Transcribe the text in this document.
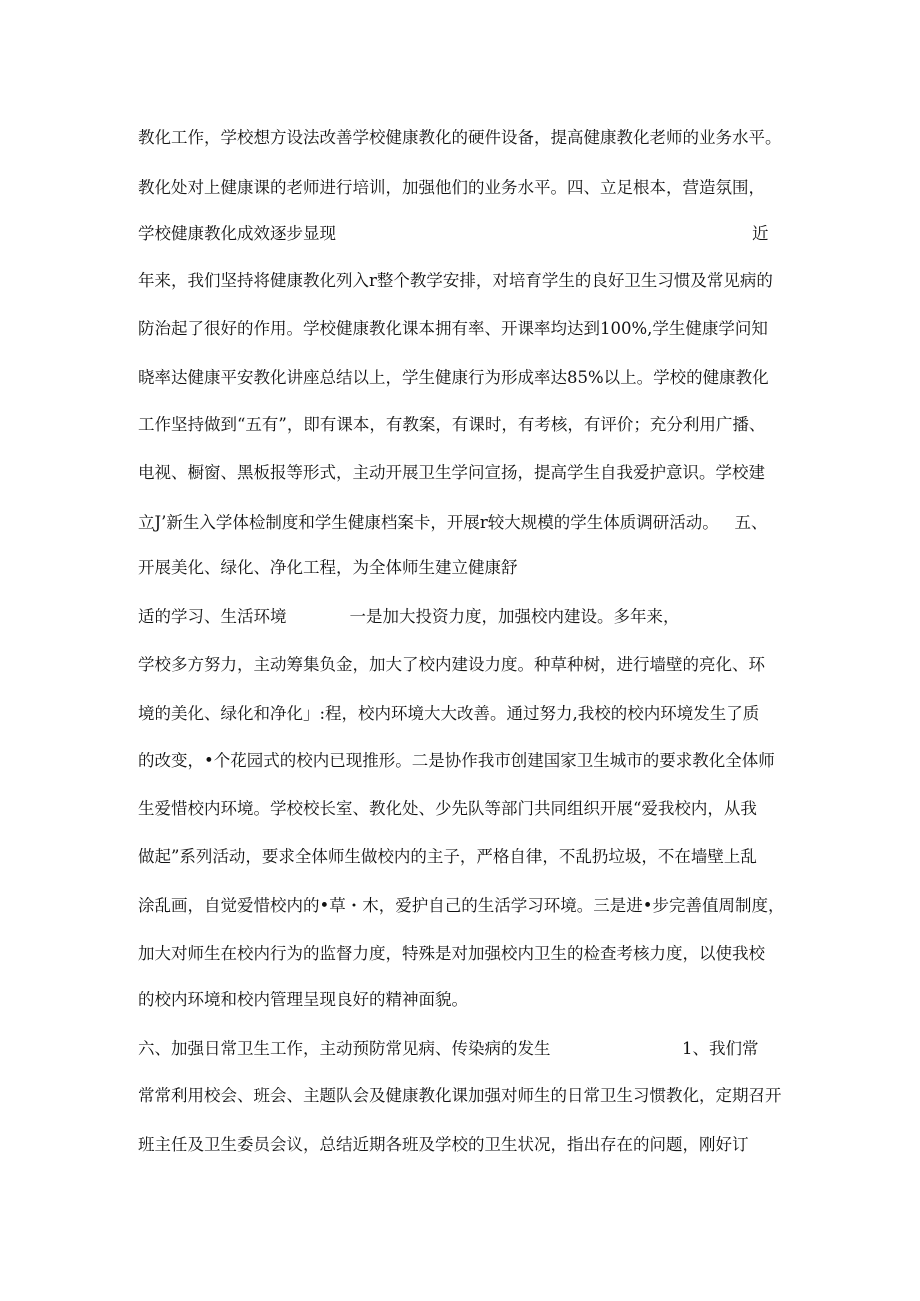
教化工作，学校想方设法改善学校健康教化的硬件设备，提高健康教化老师的业务水平。
教化处对上健康课的老师进行培训，加强他们的业务水平。四、立足根本，营造氛围，
学校健康教化成效逐步显现	近
年来，我们坚持将健康教化列入r整个教学安排，对培育学生的良好卫生习惯及常见病的
防治起了很好的作用。学校健康教化课本拥有率、开课率均达到100%,学生健康学问知
晓率达健康平安教化讲座总结以上，学生健康行为形成率达85%以上。学校的健康教化
工作坚持做到“五有”，即有课本，有教案，有课时，有考核，有评价；充分利用广播、
电视、橱窗、黑板报等形式，主动开展卫生学问宣扬，提高学生自我爱护意识。学校建
立J’新生入学体检制度和学生健康档案卡，开展r较大规模的学生体质调研活动。   五、
开展美化、绿化、净化工程，为全体师生建立健康舒
适的学习、生活环境            一是加大投资力度，加强校内建设。多年来，
学校多方努力，主动筹集负金，加大了校内建设力度。种草种树，进行墙壁的亮化、环
境的美化、绿化和净化」:程，校内环境大大改善。通过努力,我校的校内环境发生了质
的改变，•个花园式的校内已现推形。二是协作我市创建国家卫生城市的要求教化全体师
生爱惜校内环境。学校校长室、教化处、少先队等部门共同组织开展“爱我校内，从我
做起”系列活动，要求全体师生做校内的主子，严格自律，不乱扔垃圾，不在墙壁上乱
涂乱画，自觉爱惜校内的•草・木，爱护自己的生活学习环境。三是进•步完善值周制度，
加大对师生在校内行为的监督力度，特殊是对加强校内卫生的检查考核力度，以使我校
的校内环境和校内管理呈现良好的精神面貌。
六、加强日常卫生工作，主动预防常见病、传染病的发生	1、我们常
常常利用校会、班会、主题队会及健康教化课加强对师生的日常卫生习惯教化，定期召开
班主任及卫生委员会议，总结近期各班及学校的卫生状况，指出存在的问题，刚好订
